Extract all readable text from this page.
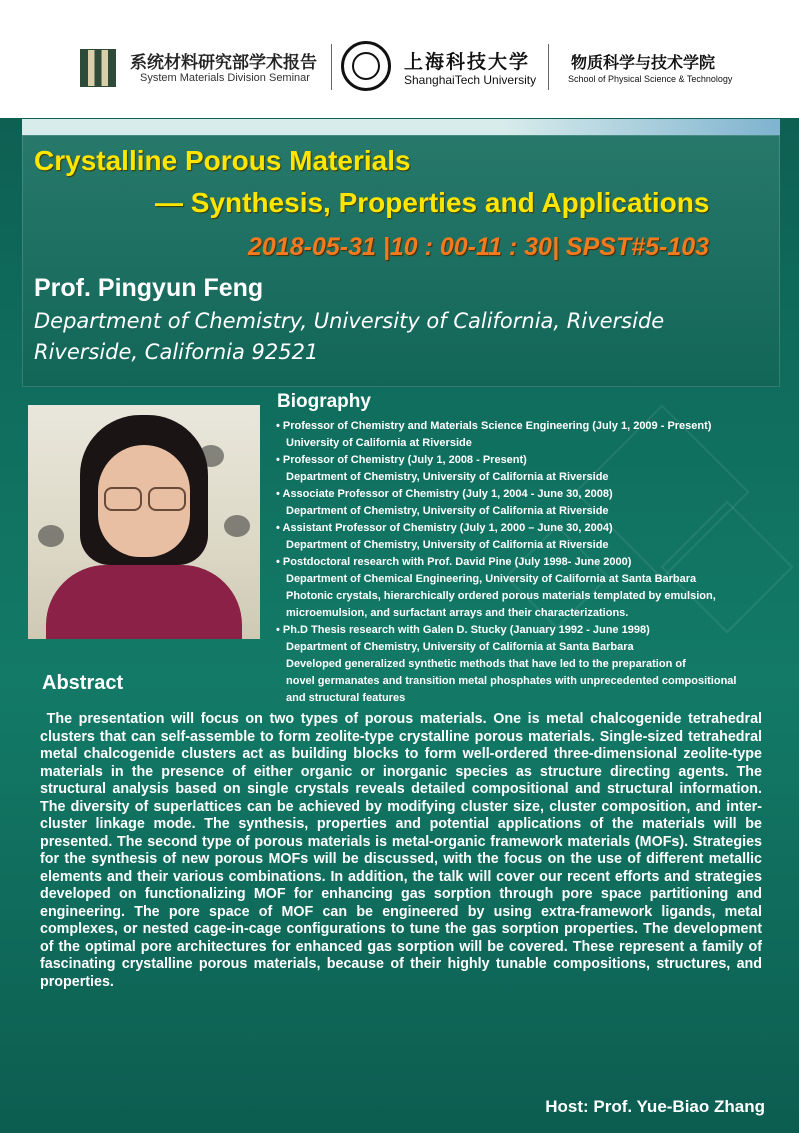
系统材料研究部学术报告
System Materials Division Seminar
上海科技大学
ShanghaiTech University
物质科学与技术学院
School of Physical Science & Technology
Crystalline Porous Materials
— Synthesis, Properties and Applications
2018-05-31 |10 : 00-11 : 30| SPST#5-103
Prof. Pingyun Feng
Department of Chemistry, University of California, Riverside
Riverside, California 92521
Biography
• Professor of Chemistry and Materials Science Engineering (July 1, 2009 - Present)
University of California at Riverside
• Professor of Chemistry (July 1, 2008 - Present)
Department of Chemistry, University of California at Riverside
• Associate Professor of Chemistry (July 1, 2004 - June 30, 2008)
Department of Chemistry, University of California at Riverside
• Assistant Professor of Chemistry (July 1, 2000 – June 30, 2004)
Department of Chemistry, University of California at Riverside
• Postdoctoral research with Prof. David Pine (July 1998- June 2000)
Department of Chemical Engineering, University of California at Santa Barbara
Photonic crystals, hierarchically ordered porous materials templated by emulsion,
microemulsion, and surfactant arrays and their characterizations.
• Ph.D Thesis research with Galen D. Stucky (January 1992 - June 1998)
Department of Chemistry, University of California at Santa Barbara
Developed generalized synthetic methods that have led to the preparation of
novel germanates and transition metal phosphates with unprecedented compositional
and structural features
Abstract

The presentation will focus on two types of porous materials. One is metal chalcogenide tetrahedral clusters that can self-assemble to form zeolite-type crystalline porous materials. Single-sized tetrahedral metal chalcogenide clusters act as building blocks to form well-ordered three-dimensional zeolite-type materials in the presence of either organic or inorganic species as structure directing agents. The structural analysis based on single crystals reveals detailed compositional and structural information. The diversity of superlattices can be achieved by modifying cluster size, cluster composition, and inter-cluster linkage mode. The synthesis, properties and potential applications of the materials will be presented. The second type of porous materials is metal-organic framework materials (MOFs). Strategies for the synthesis of new porous MOFs will be discussed, with the focus on the use of different metallic elements and their various combinations. In addition, the talk will cover our recent efforts and strategies developed on functionalizing MOF for enhancing gas sorption through pore space partitioning and engineering. The pore space of MOF can be engineered by using extra-framework ligands, metal complexes, or nested cage-in-cage configurations to tune the gas sorption properties. The development of the optimal pore architectures for enhanced gas sorption will be covered. These represent a family of fascinating crystalline porous materials, because of their highly tunable compositions, structures, and properties.

Host: Prof. Yue-Biao Zhang
